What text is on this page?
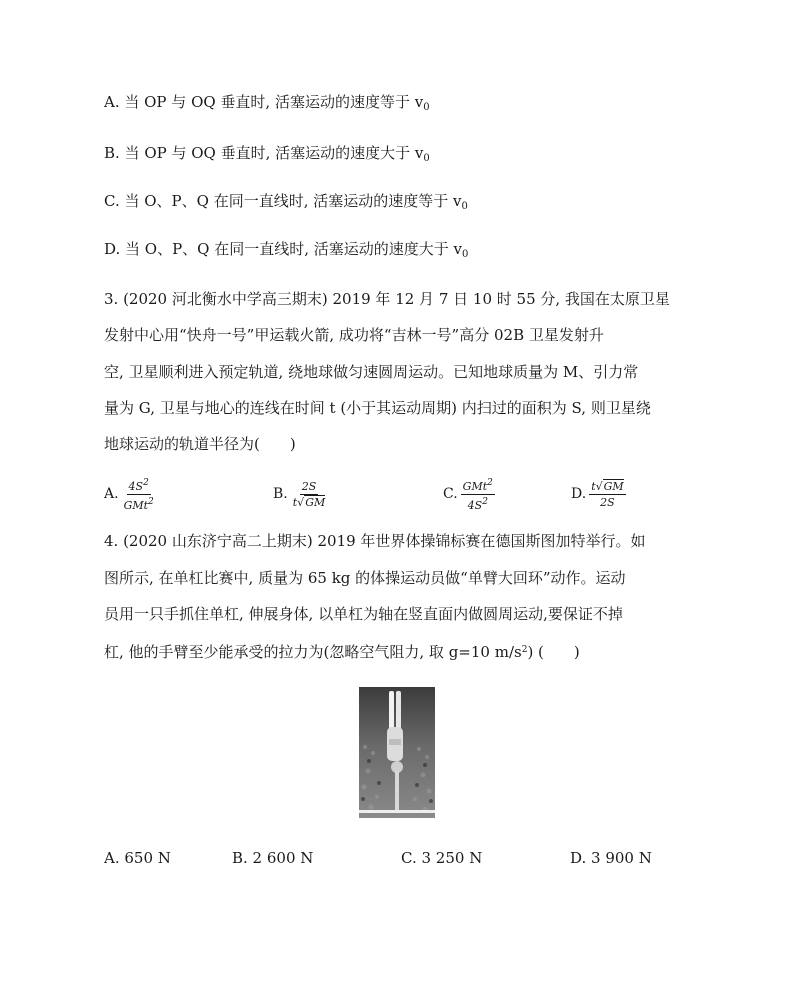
A. 当 OP 与 OQ 垂直时, 活塞运动的速度等于 $v_0$
B. 当 OP 与 OQ 垂直时, 活塞运动的速度大于 $v_0$
C. 当 O、P、Q 在同一直线时, 活塞运动的速度等于 $v_0$
D. 当 O、P、Q 在同一直线时, 活塞运动的速度大于 $v_0$
3. (2020 河北衡水中学高三期末) 2019 年 12 月 7 日 10 时 55 分, 我国在太原卫星
发射中心用“快舟一号”甲运载火箭, 成功将“吉林一号”高分 02B 卫星发射升
空, 卫星顺利进入预定轨道, 绕地球做匀速圆周运动。已知地球质量为 M、引力常
量为 G, 卫星与地心的连线在时间 t (小于其运动周期) 内扫过的面积为 S, 则卫星绕
地球运动的轨道半径为(　　)
A. $\frac{4S^2}{GMt^2}$	B. $\frac{2S}{t√GM}$	C. $\frac{GMt^2}{4S^2}$	D. $\frac{t√GM}{2S}$
4. (2020 山东济宁高二上期末) 2019 年世界体操锦标赛在德国斯图加特举行。如
图所示, 在单杠比赛中, 质量为 65 kg 的体操运动员做“单臂大回环”动作。运动
员用一只手抓住单杠, 伸展身体, 以单杠为轴在竖直面内做圆周运动,要保证不掉
杠, 他的手臂至少能承受的拉力为(忽略空气阻力, 取 g=10 $m/s^2$) (　　)
A. 650 N	B. 2 600 N	C. 3 250 N	D. 3 900 N
